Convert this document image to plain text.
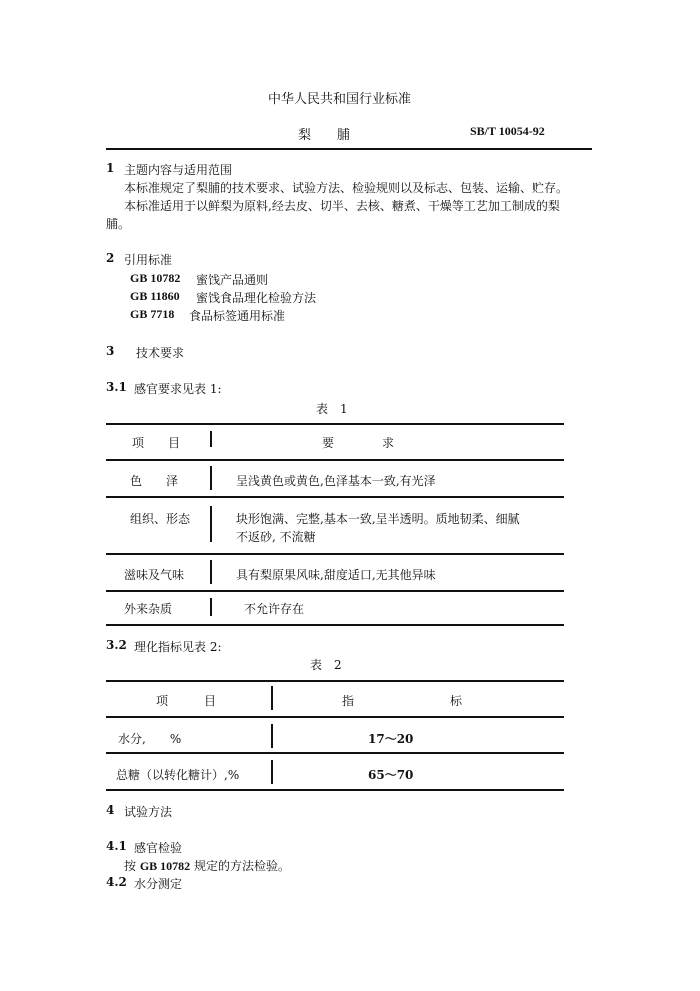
中华人民共和国行业标准
梨　　脯	SB/T 10054-92
1 主题内容与适用范围
本标准规定了梨脯的技术要求、试验方法、检验规则以及标志、包装、运输、贮存。
本标准适用于以鲜梨为原料,经去皮、切半、去核、糖煮、干燥等工艺加工制成的梨
脯。
2 引用标准
GB 10782 蜜饯产品通则
GB 11860 蜜饯食品理化检验方法
GB 7718 食品标签通用标准
3 技术要求
3.1 感官要求见表 1:
表　1
项　　目	要　　　　求
色　　泽	呈浅黄色或黄色,色泽基本一致,有光泽
组织、形态	块形饱满、完整,基本一致,呈半透明。质地韧柔、细腻
不返砂, 不流糖
滋味及气味	具有梨原果风味,甜度适口,无其他异味
外来杂质	不允许存在
3.2 理化指标见表 2:
表　2
项　　　目	指　　　　　　　　标
水分,　　%	17～20
总糖（以转化糖计）,%	65～70
4 试验方法
4.1 感官检验
按 GB 10782 规定的方法检验。
4.2 水分测定
